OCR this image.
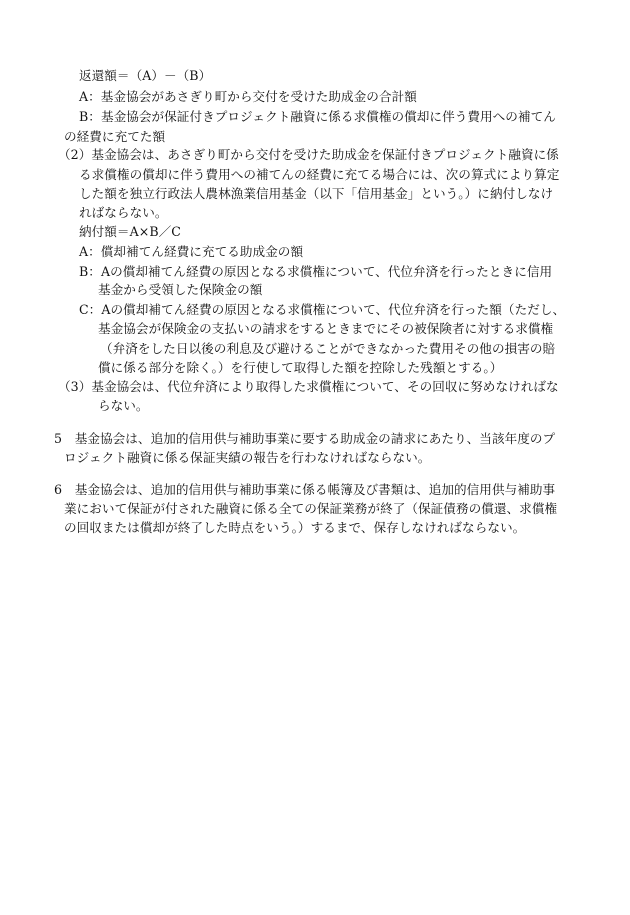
返還額＝（A）－（B）
A：基金協会があさぎり町から交付を受けた助成金の合計額
B：基金協会が保証付きプロジェクト融資に係る求償権の償却に伴う費用への補てん
の経費に充てた額
（2）基金協会は、あさぎり町から交付を受けた助成金を保証付きプロジェクト融資に係
る求償権の償却に伴う費用への補てんの経費に充てる場合には、次の算式により算定
した額を独立行政法人農林漁業信用基金（以下「信用基金」という。）に納付しなけ
ればならない。
納付額＝A×B／C
A：償却補てん経費に充てる助成金の額
B：Aの償却補てん経費の原因となる求償権について、代位弁済を行ったときに信用
基金から受領した保険金の額
C：Aの償却補てん経費の原因となる求償権について、代位弁済を行った額（ただし、
基金協会が保険金の支払いの請求をするときまでにその被保険者に対する求償権
（弁済をした日以後の利息及び避けることができなかった費用その他の損害の賠
償に係る部分を除く。）を行使して取得した額を控除した残額とする。）
（3）基金協会は、代位弁済により取得した求償権について、その回収に努めなければな
らない。
5　基金協会は、追加的信用供与補助事業に要する助成金の請求にあたり、当該年度のプ
ロジェクト融資に係る保証実績の報告を行わなければならない。
6　基金協会は、追加的信用供与補助事業に係る帳簿及び書類は、追加的信用供与補助事
業において保証が付された融資に係る全ての保証業務が終了（保証債務の償還、求償権
の回収または償却が終了した時点をいう。）するまで、保存しなければならない。
